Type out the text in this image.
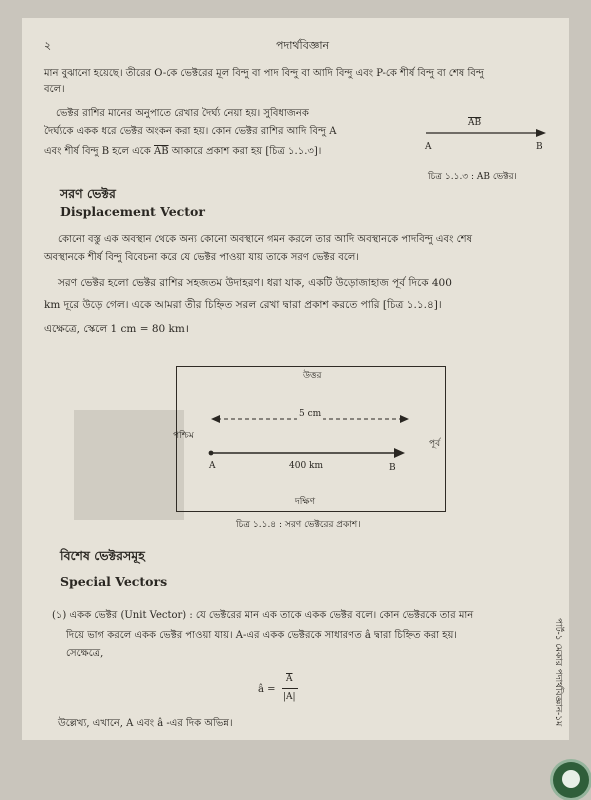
২	পদার্থবিজ্ঞান
মান বুঝানো হয়েছে। তীরের O-কে ভেক্টরের মূল বিন্দু বা পাদ বিন্দু বা আদি বিন্দু এবং P-কে শীর্ষ বিন্দু বা শেষ বিন্দু
বলে।
ভেক্টর রাশির মানের অনুপাতে রেখার দৈর্ঘ্য নেয়া হয়। সুবিধাজনক
দৈর্ঘ্যকে একক ধরে ভেক্টর অংকন করা হয়। কোন ভেক্টর রাশির আদি বিন্দু A
এবং শীর্ষ বিন্দু B হলে একে $\overline{AB}$ আকারে প্রকাশ করা হয় [চিত্র ১.১.৩]।
$\overline{AB}$
A	B
চিত্র ১.১.৩ : AB ভেক্টর।
সরণ ভেক্টর
Displacement Vector
কোনো বস্তু এক অবস্থান থেকে অন্য কোনো অবস্থানে গমন করলে তার আদি অবস্থানকে পাদবিন্দু এবং শেষ
অবস্থানকে শীর্ষ বিন্দু বিবেচনা করে যে ভেক্টর পাওয়া যায় তাকে সরণ ভেক্টর বলে।
সরণ ভেক্টর হলো ভেক্টর রাশির সহজতম উদাহরণ। ধরা যাক, একটি উড়োজাহাজ পূর্ব দিকে 400
km দূরে উড়ে গেল। একে আমরা তীর চিহ্নিত সরল রেখা দ্বারা প্রকাশ করতে পারি [চিত্র ১.১.৪]।
এক্ষেত্রে, স্কেলে 1 cm = 80 km।
উত্তর
দক্ষিণ
পশ্চিম
পূর্ব
5 cm
A	B
400 km
চিত্র ১.১.৪ : সরণ ভেক্টরের প্রকাশ।
বিশেষ ভেক্টরসমূহ
Special Vectors
(১) একক ভেক্টর (Unit Vector) : যে ভেক্টরের মান এক তাকে একক ভেক্টর বলে। কোন ভেক্টরকে তার মান
দিয়ে ভাগ করলে একক ভেক্টর পাওয়া যায়। A-এর একক ভেক্টরকে সাধারণত â দ্বারা চিহ্নিত করা হয়।
সেক্ষেত্রে,
â =
$\overline{A}$
|A|
উল্লেখ্য, এখানে, A এবং â -এর দিক অভিন্ন।	পার্ট-১ মেকার পদার্থবিজ্ঞান-১ম
